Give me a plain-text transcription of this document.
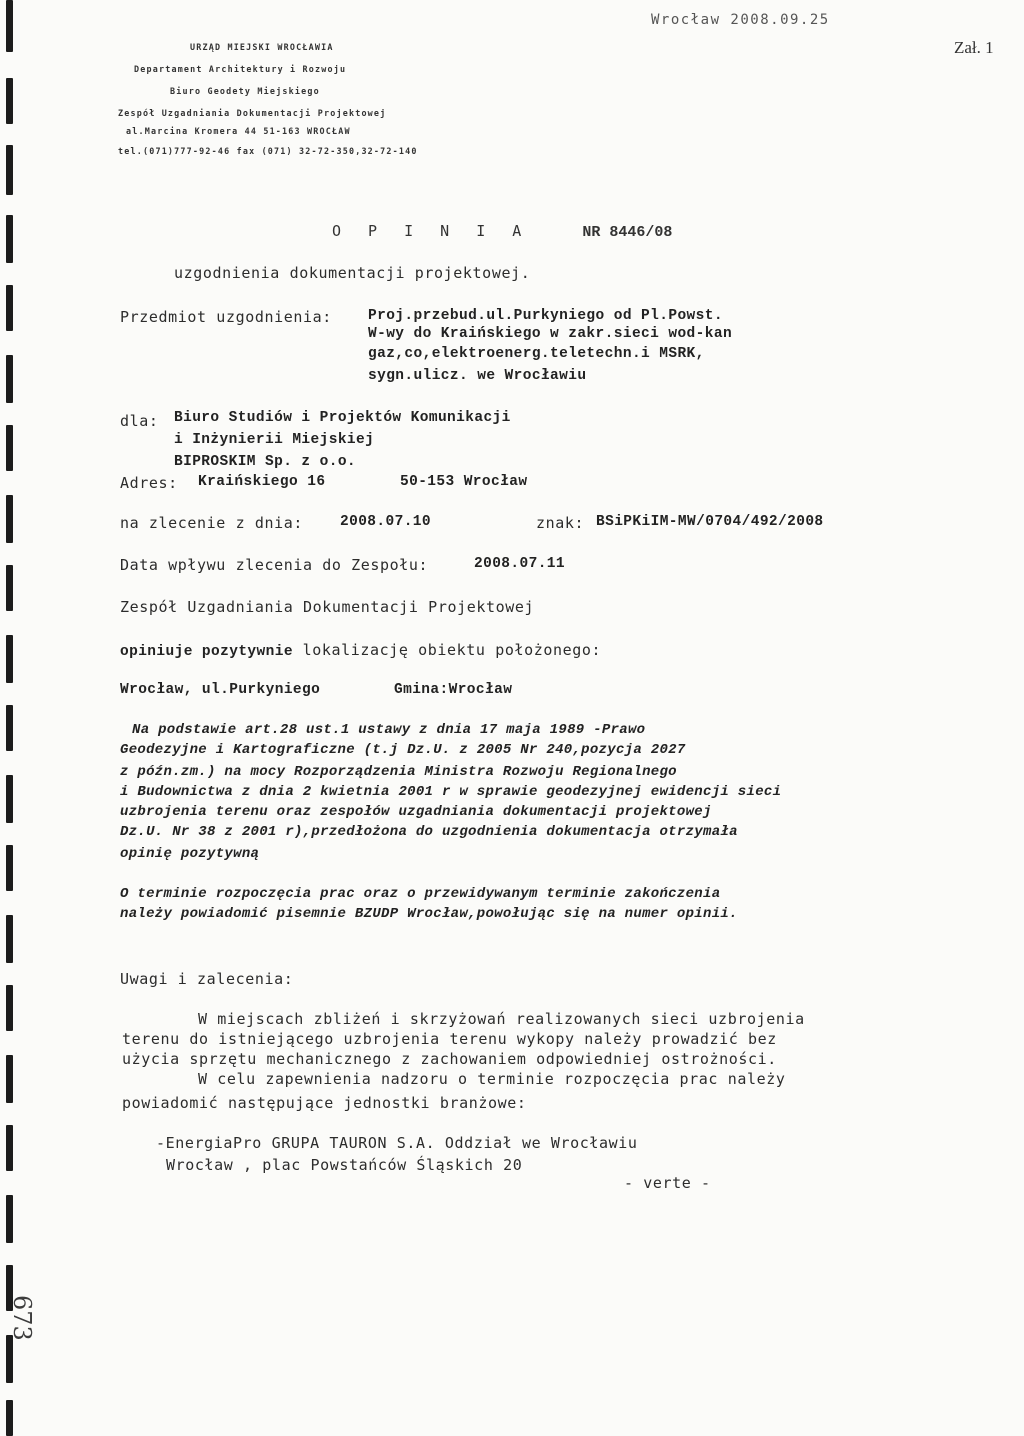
Wrocław 2008.09.25
Zał. 1
URZĄD MIEJSKI WROCŁAWIA
Departament Architektury i Rozwoju
Biuro Geodety Miejskiego
Zespół Uzgadniania Dokumentacji Projektowej
al.Marcina Kromera 44 51-163 WROCŁAW
tel.(071)777-92-46 fax (071) 32-72-350,32-72-140
O P I N I A	NR 8446/08
uzgodnienia dokumentacji projektowej.
Przedmiot uzgodnienia: Proj.przebud.ul.Purkyniego od Pl.Powst.
W-wy do Kraińskiego w zakr.sieci wod-kan
gaz,co,elektroenerg.teletechn.i MSRK,
sygn.ulicz. we Wrocławiu
dla: Biuro Studiów i Projektów Komunikacji
i Inżynierii Miejskiej
BIPROSKIM Sp. z o.o.
Adres: Kraińskiego 16	50-153 Wrocław
na zlecenie z dnia:	2008.07.10	znak: BSiPKiIM-MW/0704/492/2008
Data wpływu zlecenia do Zespołu:	2008.07.11
Zespół Uzgadniania Dokumentacji Projektowej
opiniuje pozytywnie lokalizację obiektu położonego:
Wrocław, ul.Purkyniego	Gmina:Wrocław
Na podstawie art.28 ust.1 ustawy z dnia 17 maja 1989 -Prawo
Geodezyjne i Kartograficzne (t.j Dz.U. z 2005 Nr 240,pozycja 2027
z późn.zm.) na mocy Rozporządzenia Ministra Rozwoju Regionalnego
i Budownictwa z dnia 2 kwietnia 2001 r w sprawie geodezyjnej ewidencji sieci
uzbrojenia terenu oraz zespołów uzgadniania dokumentacji projektowej
Dz.U. Nr 38 z 2001 r),przedłożona do uzgodnienia dokumentacja otrzymała
opinię pozytywną
O terminie rozpoczęcia prac oraz o przewidywanym terminie zakończenia
należy powiadomić pisemnie BZUDP Wrocław,powołując się na numer opinii.
Uwagi i zalecenia:
W miejscach zbliżeń i skrzyżowań realizowanych sieci uzbrojenia
terenu do istniejącego uzbrojenia terenu wykopy należy prowadzić bez
użycia sprzętu mechanicznego z zachowaniem odpowiedniej ostrożności.
W celu zapewnienia nadzoru o terminie rozpoczęcia prac należy
powiadomić następujące jednostki branżowe:
-EnergiaPro GRUPA TAURON S.A. Oddział we Wrocławiu
Wrocław , plac Powstańców Śląskich 20
- verte -
673
